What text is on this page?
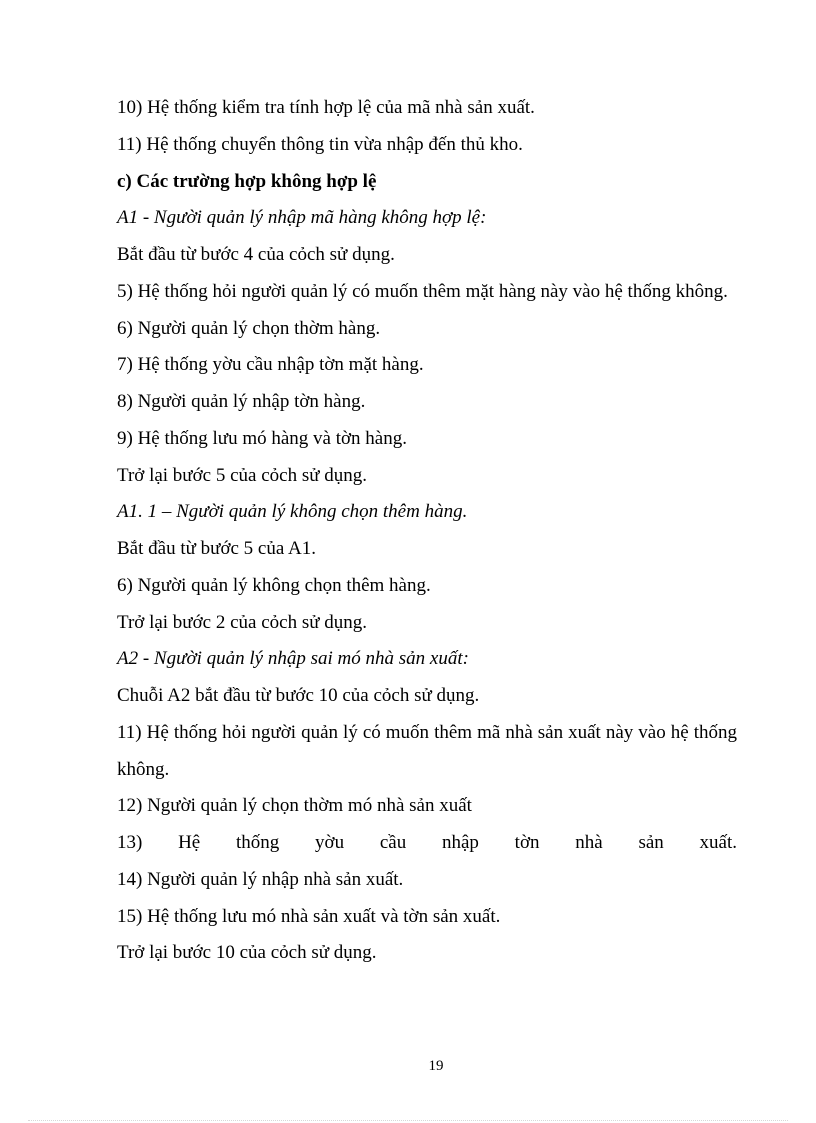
10) Hệ thống kiểm tra tính hợp lệ của mã nhà sản xuất.
11) Hệ thống chuyển thông tin vừa nhập đến thủ kho.
c) Các trường hợp không hợp lệ
A1 - Người quản lý nhập mã hàng không hợp lệ:
Bắt đầu từ bước 4 của cỏch sử dụng.
5) Hệ thống hỏi người quản lý có muốn thêm mặt hàng này vào hệ thống không.
6) Người quản lý chọn thờm hàng.
7) Hệ thống yờu cầu nhập tờn mặt hàng.
8) Người quản lý nhập tờn hàng.
9) Hệ thống lưu mó hàng và tờn hàng.
Trở lại bước 5 của cỏch sử dụng.
A1. 1 – Người quản lý không chọn thêm hàng.
Bắt đầu từ bước 5 của A1.
6) Người quản lý không chọn thêm hàng.
Trở lại bước 2 của cỏch sử dụng.
A2 - Người quản lý nhập sai mó nhà sản xuất:
Chuỗi A2 bắt đầu từ bước 10 của cỏch sử dụng.
11) Hệ thống hỏi người quản lý có muốn thêm mã nhà sản xuất này vào hệ thống không.
12) Người quản lý chọn thờm mó nhà sản xuất
13) Hệ thống yờu cầu nhập tờn nhà sản xuất.
14) Người quản lý nhập nhà sản xuất.
15) Hệ thống lưu mó nhà sản xuất và tờn sản xuất.
Trở lại bước 10 của cỏch sử dụng.
19
